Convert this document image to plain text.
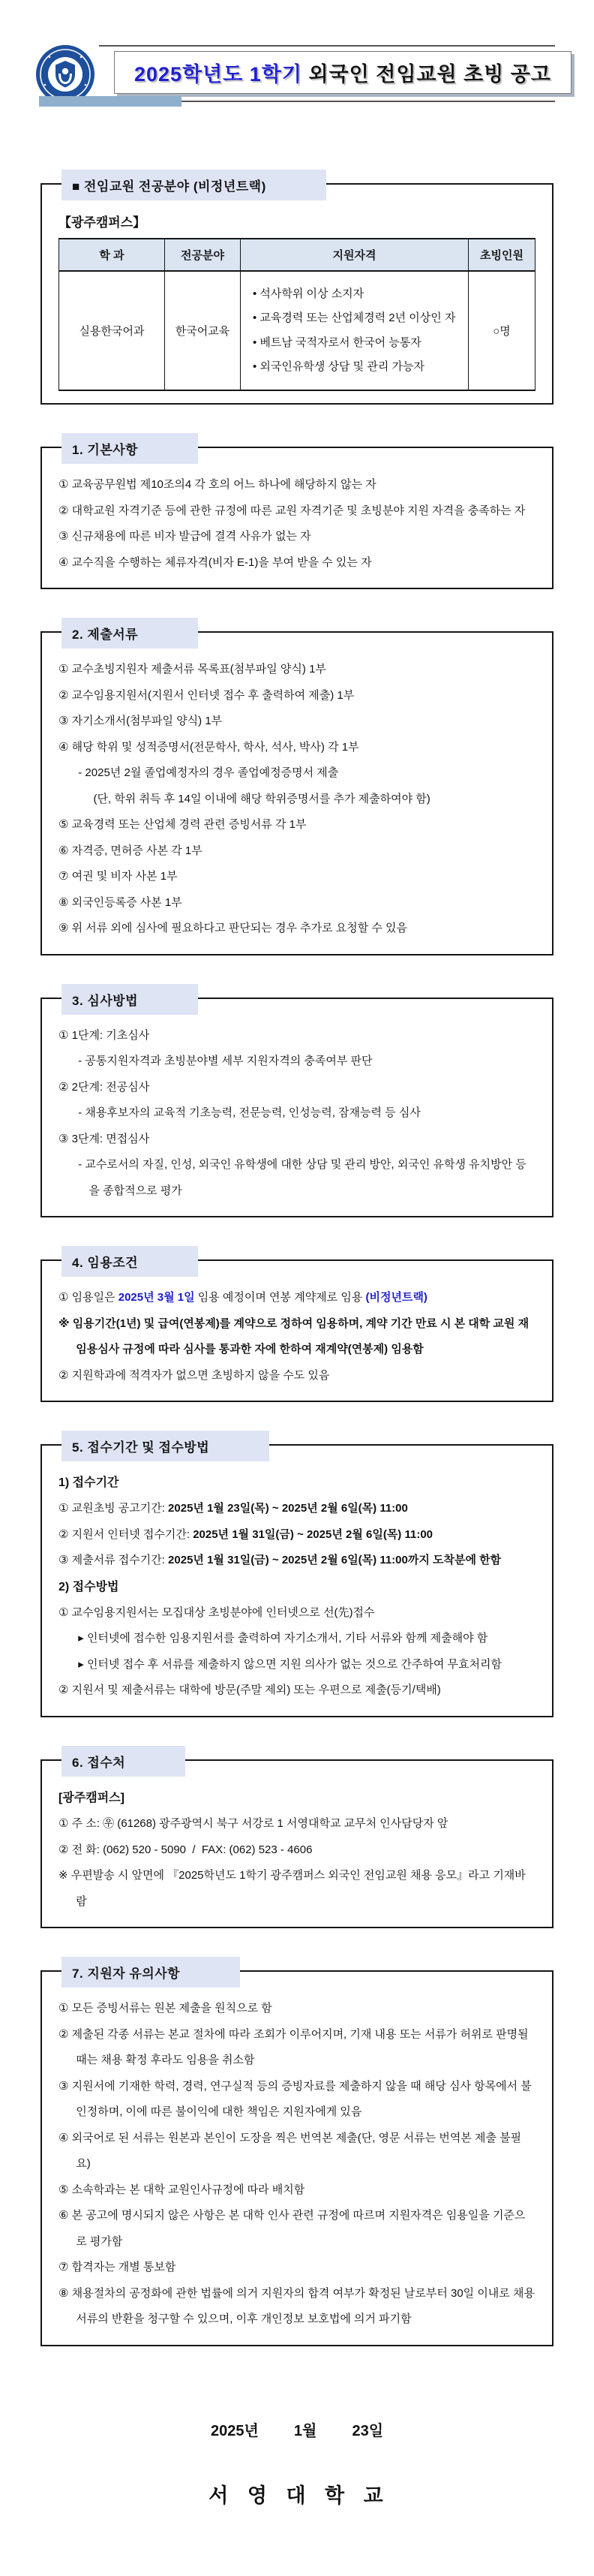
2025학년도 1학기 외국인 전임교원 초빙 공고
■ 전임교원 전공분야 (비정년트랙)
【광주캠퍼스】
학 과	전공분야	지원자격	초빙인원
실용한국어과	한국어교육	• 석사학위 이상 소지자
• 교육경력 또는 산업체경력 2년 이상인 자
• 베트남 국적자로서 한국어 능통자
• 외국인유학생 상담 및 관리 가능자	○명
1. 기본사항
① 교육공무원법 제10조의4 각 호의 어느 하나에 해당하지 않는 자
② 대학교원 자격기준 등에 관한 규정에 따른 교원 자격기준 및 초빙분야 지원 자격을 충족하는 자
③ 신규채용에 따른 비자 발급에 결격 사유가 없는 자
④ 교수직을 수행하는 체류자격(비자 E-1)을 부여 받을 수 있는 자
2. 제출서류
① 교수초빙지원자 제출서류 목록표(첨부파일 양식) 1부
② 교수임용지원서(지원서 인터넷 접수 후 출력하여 제출) 1부
③ 자기소개서(첨부파일 양식) 1부
④ 해당 학위 및 성적증명서(전문학사, 학사, 석사, 박사) 각 1부
- 2025년 2월 졸업예정자의 경우 졸업예정증명서 제출
(단, 학위 취득 후 14일 이내에 해당 학위증명서를 추가 제출하여야 함)
⑤ 교육경력 또는 산업체 경력 관련 증빙서류 각 1부
⑥ 자격증, 면허증 사본 각 1부
⑦ 여권 및 비자 사본 1부
⑧ 외국인등록증 사본 1부
⑨ 위 서류 외에 심사에 필요하다고 판단되는 경우 추가로 요청할 수 있음
3. 심사방법
① 1단계: 기초심사
- 공통지원자격과 초빙분야별 세부 지원자격의 충족여부 판단
② 2단계: 전공심사
- 채용후보자의 교육적 기초능력, 전문능력, 인성능력, 잠재능력 등 심사
③ 3단계: 면접심사
- 교수로서의 자질, 인성, 외국인 유학생에 대한 상담 및 관리 방안, 외국인 유학생 유치방안 등을 종합적으로 평가
4. 임용조건
① 임용일은 2025년 3월 1일 임용 예정이며 연봉 계약제로 임용 (비정년트랙)
※ 임용기간(1년) 및 급여(연봉제)를 계약으로 정하여 임용하며, 계약 기간 만료 시 본 대학 교원 재임용심사 규정에 따라 심사를 통과한 자에 한하여 재계약(연봉제) 임용함
② 지원학과에 적격자가 없으면 초빙하지 않을 수도 있음
5. 접수기간 및 접수방법
1) 접수기간
① 교원초빙 공고기간: 2025년 1월 23일(목) ~ 2025년 2월 6일(목) 11:00
② 지원서 인터넷 접수기간: 2025년 1월 31일(금) ~ 2025년 2월 6일(목) 11:00
③ 제출서류 접수기간: 2025년 1월 31일(금) ~ 2025년 2월 6일(목) 11:00까지 도착분에 한함
2) 접수방법
① 교수임용지원서는 모집대상 초빙분야에 인터넷으로 선(先)접수
▸ 인터넷에 접수한 임용지원서를 출력하여 자기소개서, 기타 서류와 함께 제출해야 함
▸ 인터넷 접수 후 서류를 제출하지 않으면 지원 의사가 없는 것으로 간주하여 무효처리함
② 지원서 및 제출서류는 대학에 방문(주말 제외) 또는 우편으로 제출(등기/택배)
6. 접수처
[광주캠퍼스]
① 주 소: ㉾ (61268) 광주광역시 북구 서강로 1 서영대학교 교무처 인사담당자 앞
② 전 화: (062) 520 - 5090  /  FAX: (062) 523 - 4606
※ 우편발송 시 앞면에 『2025학년도 1학기 광주캠퍼스 외국인 전임교원 채용 응모』라고 기재바람
7. 지원자 유의사항
① 모든 증빙서류는 원본 제출을 원칙으로 함
② 제출된 각종 서류는 본교 절차에 따라 조회가 이루어지며, 기재 내용 또는 서류가 허위로 판명될 때는 채용 확정 후라도 임용을 취소함
③ 지원서에 기재한 학력, 경력, 연구실적 등의 증빙자료를 제출하지 않을 때 해당 심사 항목에서 불인정하며, 이에 따른 불이익에 대한 책임은 지원자에게 있음
④ 외국어로 된 서류는 원본과 본인이 도장을 찍은 번역본 제출(단, 영문 서류는 번역본 제출 불필요)
⑤ 소속학과는 본 대학 교원인사규정에 따라 배치함
⑥ 본 공고에 명시되지 않은 사항은 본 대학 인사 관련 규정에 따르며 지원자격은 임용일을 기준으로 평가함
⑦ 합격자는 개별 통보함
⑧ 채용절차의 공정화에 관한 법률에 의거 지원자의 합격 여부가 확정된 날로부터 30일 이내로 채용서류의 반환을 청구할 수 있으며, 이후 개인정보 보호법에 의거 파기함
2025년  1월  23일
서 영 대 학 교
